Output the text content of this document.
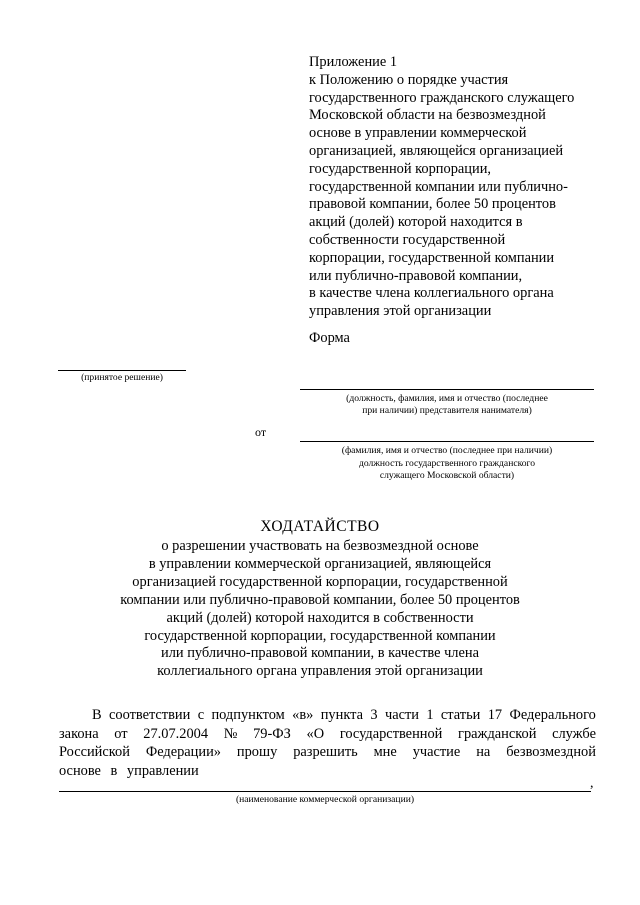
Приложение 1
к Положению о порядке участия
государственного гражданского служащего
Московской области на безвозмездной
основе в управлении коммерческой
организацией, являющейся организацией
государственной корпорации,
государственной компании или публично-
правовой компании, более 50 процентов
акций (долей) которой находится в
собственности государственной
корпорации, государственной компании
или публично-правовой компании,
в качестве члена коллегиального органа
управления этой организации
Форма
(принятое решение)
(должность, фамилия, имя и отчество (последнее
при наличии) представителя нанимателя)
от
(фамилия, имя и отчество (последнее при наличии)
должность государственного гражданского
служащего Московской области)
ХОДАТАЙСТВО
о разрешении участвовать на безвозмездной основе
в управлении коммерческой организацией, являющейся
организацией государственной корпорации, государственной
компании или публично-правовой компании, более 50 процентов
акций (долей) которой находится в собственности
государственной корпорации, государственной компании
или публично-правовой компании, в качестве члена
коллегиального органа управления этой организации
В соответствии с подпунктом «в» пункта 3 части 1 статьи 17 Федерального
закона от 27.07.2004 № 79-ФЗ «О государственной гражданской службе
Российской Федерации» прошу разрешить мне участие на безвозмездной
основе в управлении
,
(наименование коммерческой организации)
